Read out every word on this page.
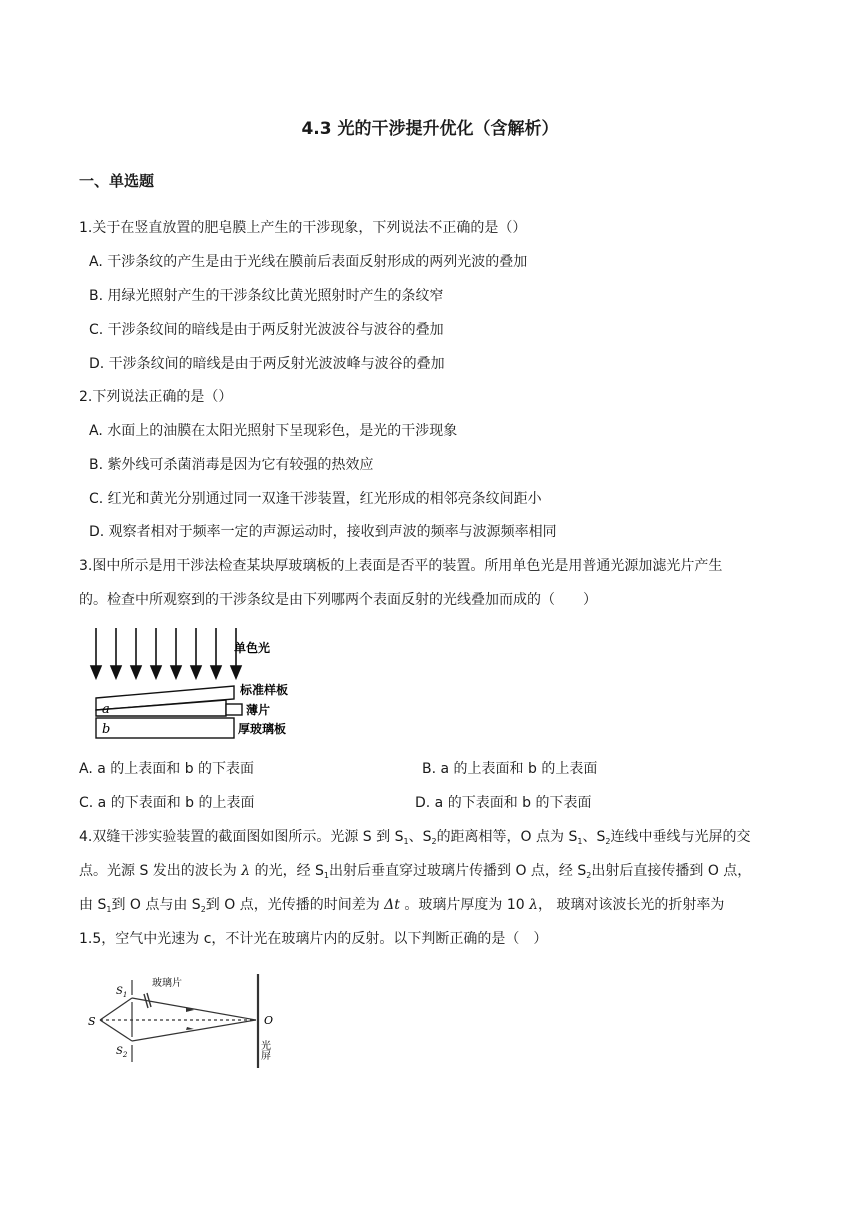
4.3 光的干涉提升优化（含解析）
一、单选题
1.关于在竖直放置的肥皂膜上产生的干涉现象，下列说法不正确的是（）
A. 干涉条纹的产生是由于光线在膜前后表面反射形成的两列光波的叠加
B. 用绿光照射产生的干涉条纹比黄光照射时产生的条纹窄
C. 干涉条纹间的暗线是由于两反射光波波谷与波谷的叠加
D. 干涉条纹间的暗线是由于两反射光波波峰与波谷的叠加
2.下列说法正确的是（）
A. 水面上的油膜在太阳光照射下呈现彩色，是光的干涉现象
B. 紫外线可杀菌消毒是因为它有较强的热效应
C. 红光和黄光分别通过同一双逢干涉装置，红光形成的相邻亮条纹间距小
D. 观察者相对于频率一定的声源运动时，接收到声波的频率与波源频率相同
3.图中所示是用干涉法检查某块厚玻璃板的上表面是否平的装置。所用单色光是用普通光源加滤光片产生
的。检查中所观察到的干涉条纹是由下列哪两个表面反射的光线叠加而成的（　　）
a
b
单色光
标准样板
薄片
厚玻璃板
A. a 的上表面和 b 的下表面	B. a 的上表面和 b 的上表面
C. a 的下表面和 b 的上表面	D. a 的下表面和 b 的下表面
4.双缝干涉实验装置的截面图如图所示。光源 S 到 $S_1$、$S_2$的距离相等，O 点为 $S_1$、$S_2$连线中垂线与光屏的交
点。光源 S 发出的波长为 λ 的光，经 $S_1$出射后垂直穿过玻璃片传播到 O 点，经 $S_2$出射后直接传播到 O 点，
由 $S_1$到 O 点与由 $S_2$到 O 点，光传播的时间差为 Δt 。玻璃片厚度为 10 λ， 玻璃对该波长光的折射率为
1.5，空气中光速为 c，不计光在玻璃片内的反射。以下判断正确的是（　）
S
$S_1$
$S_2$
玻璃片
O
光屏
